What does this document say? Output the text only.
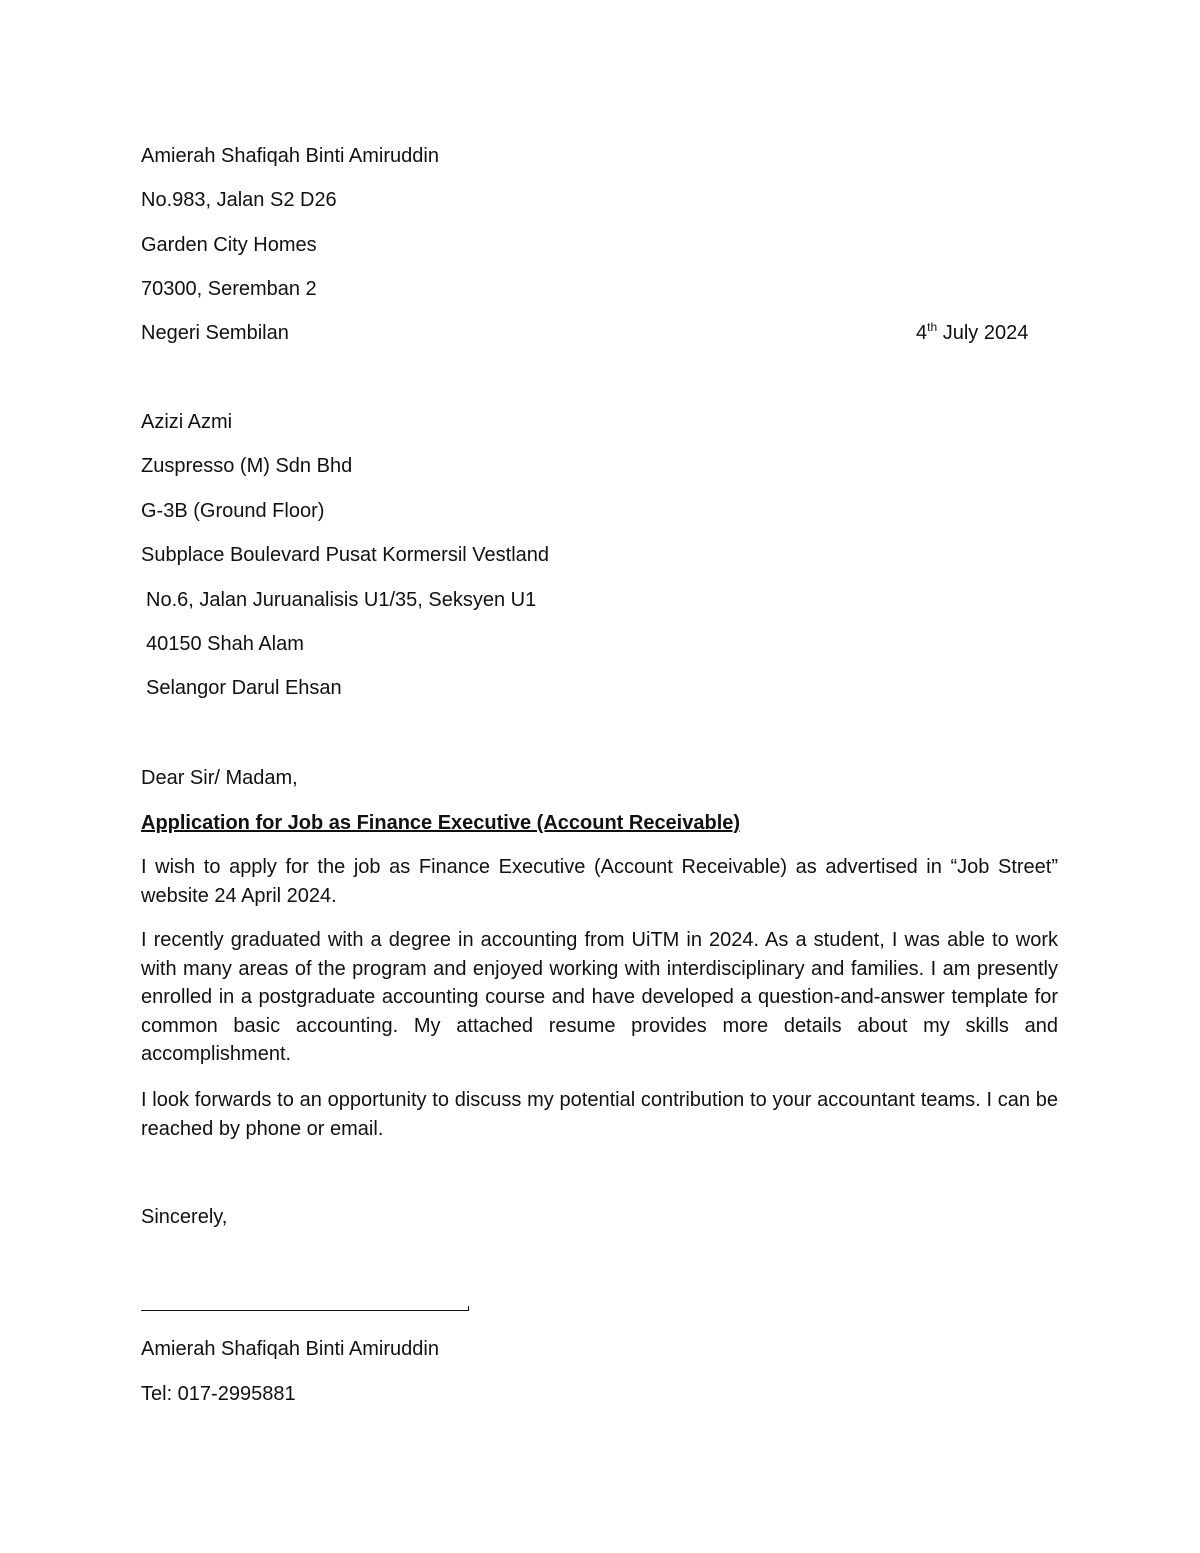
Amierah Shafiqah Binti Amiruddin
No.983, Jalan S2 D26
Garden City Homes
70300, Seremban 2
Negeri Sembilan	4th July 2024
Azizi Azmi
Zuspresso (M) Sdn Bhd
G-3B (Ground Floor)
Subplace Boulevard Pusat Kormersil Vestland
No.6, Jalan Juruanalisis U1/35, Seksyen U1
40150 Shah Alam
Selangor Darul Ehsan
Dear Sir/ Madam,
Application for Job as Finance Executive (Account Receivable)
I wish to apply for the job as Finance Executive (Account Receivable) as advertised in “Job Street” website 24 April 2024.
I recently graduated with a degree in accounting from UiTM in 2024. As a student, I was able to work with many areas of the program and enjoyed working with interdisciplinary and families. I am presently enrolled in a postgraduate accounting course and have developed a question-and-answer template for common basic accounting. My attached resume provides more details about my skills and accomplishment.
I look forwards to an opportunity to discuss my potential contribution to your accountant teams. I can be reached by phone or email.
Sincerely,
Amierah Shafiqah Binti Amiruddin
Tel: 017-2995881
